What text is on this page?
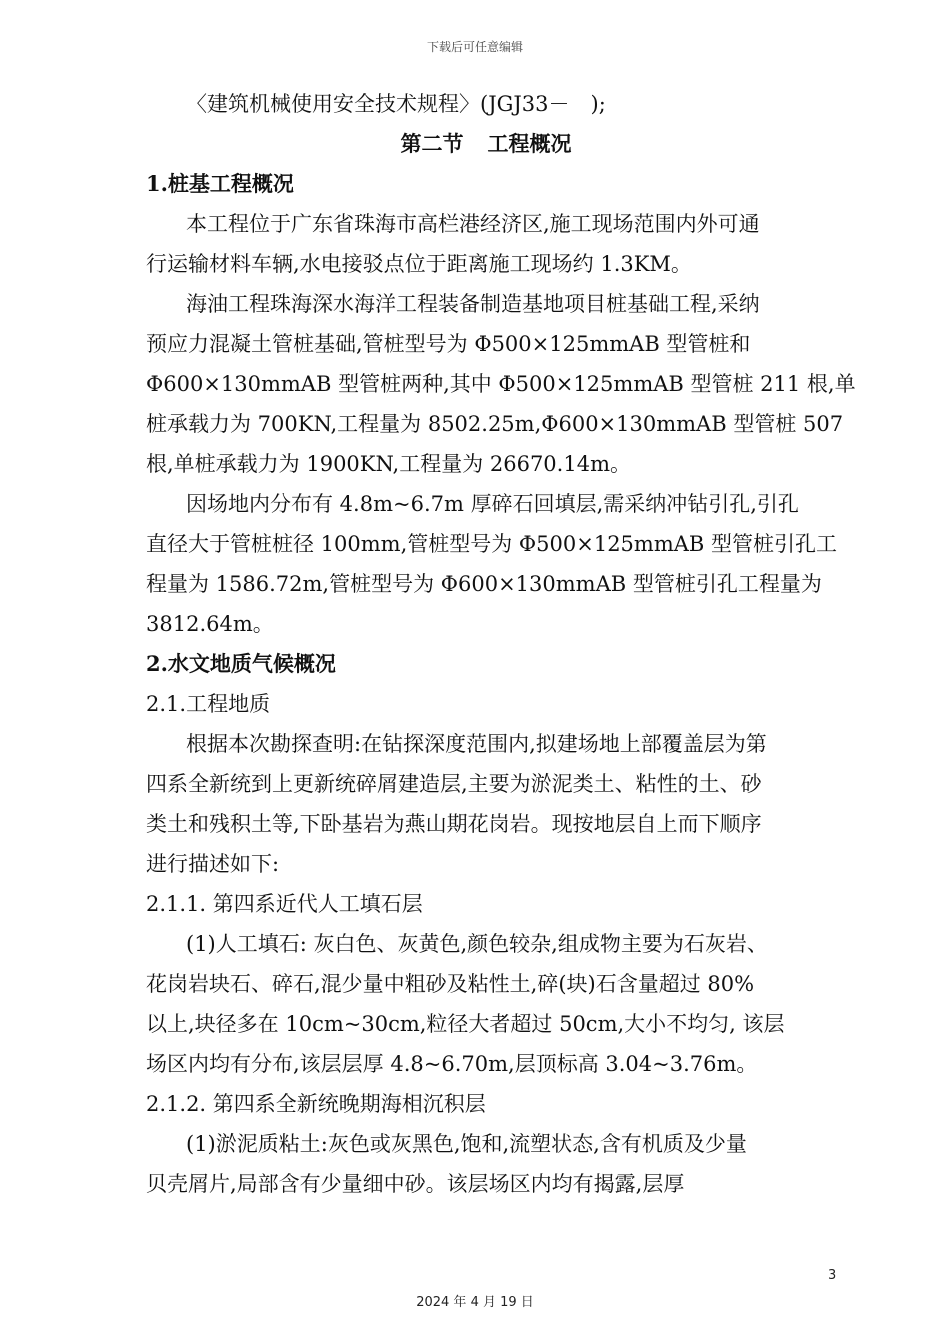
下载后可任意编辑
〈建筑机械使用安全技术规程〉(JGJ33－　);
第二节 工程概况
1.桩基工程概况
本工程位于广东省珠海市高栏港经济区,施工现场范围内外可通
行运输材料车辆,水电接驳点位于距离施工现场约 1.3KM。
海油工程珠海深水海洋工程装备制造基地项目桩基础工程,采纳
预应力混凝土管桩基础,管桩型号为 Φ500×125mmAB 型管桩和
Φ600×130mmAB 型管桩两种,其中 Φ500×125mmAB 型管桩 211 根,单
桩承载力为 700KN,工程量为 8502.25m,Φ600×130mmAB 型管桩 507
根,单桩承载力为 1900KN,工程量为 26670.14m。
因场地内分布有 4.8m~6.7m 厚碎石回填层,需采纳冲钻引孔,引孔
直径大于管桩桩径 100mm,管桩型号为 Φ500×125mmAB 型管桩引孔工
程量为 1586.72m,管桩型号为 Φ600×130mmAB 型管桩引孔工程量为
3812.64m。
2.水文地质气候概况
2.1.工程地质
根据本次勘探查明:在钻探深度范围内,拟建场地上部覆盖层为第
四系全新统到上更新统碎屑建造层,主要为淤泥类土、粘性的土、砂
类土和残积土等,下卧基岩为燕山期花岗岩。现按地层自上而下顺序
进行描述如下:
2.1.1. 第四系近代人工填石层
(1)人工填石: 灰白色、灰黄色,颜色较杂,组成物主要为石灰岩、
花岗岩块石、碎石,混少量中粗砂及粘性土,碎(块)石含量超过 80%
以上,块径多在 10cm~30cm,粒径大者超过 50cm,大小不均匀, 该层
场区内均有分布,该层层厚 4.8~6.70m,层顶标高 3.04~3.76m。
2.1.2. 第四系全新统晚期海相沉积层
(1)淤泥质粘土:灰色或灰黑色,饱和,流塑状态,含有机质及少量
贝壳屑片,局部含有少量细中砂。该层场区内均有揭露,层厚
3
2024 年 4 月 19 日
